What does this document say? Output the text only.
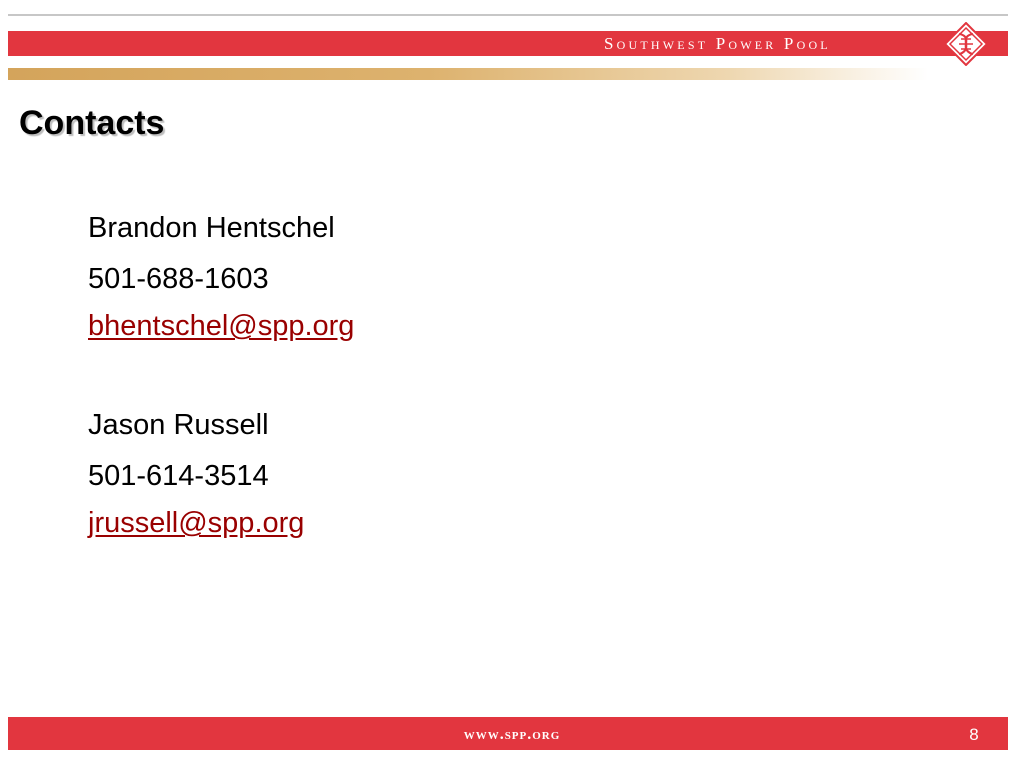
Southwest Power Pool
Contacts
Brandon Hentschel
501-688-1603
bhentschel@spp.org
Jason Russell
501-614-3514
jrussell@spp.org
www.spp.org	8
